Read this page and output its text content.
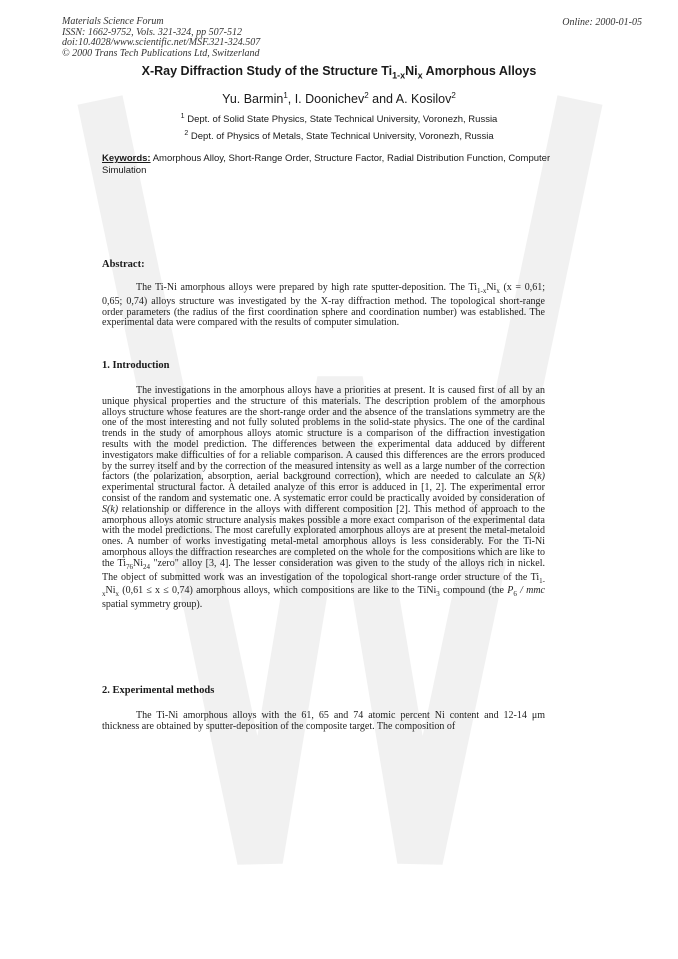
Materials Science Forum
ISSN: 1662-9752, Vols. 321-324, pp 507-512
doi:10.4028/www.scientific.net/MSF.321-324.507
© 2000 Trans Tech Publications Ltd, Switzerland
Online: 2000-01-05
X-Ray Diffraction Study of the Structure $Ti_{1-x}Ni_x$ Amorphous Alloys
Yu. Barmin$^1$, I. Doonichev$^2$ and A. Kosilov$^2$
$^1$ Dept. of Solid State Physics, State Technical University, Voronezh, Russia
$^2$ Dept. of Physics of Metals, State Technical University, Voronezh, Russia
Keywords: Amorphous Alloy, Short-Range Order, Structure Factor, Radial Distribution Function, Computer Simulation
Abstract:
The Ti-Ni amorphous alloys were prepared by high rate sputter-deposition. The $Ti_{1-x}Ni_x$ (x = 0,61; 0,65; 0,74) alloys structure was investigated by the X-ray diffraction method. The topological short-range order parameters (the radius of the first coordination sphere and coordination number) was established. The experimental data were compared with the results of computer simulation.
1. Introduction
The investigations in the amorphous alloys have a priorities at present. It is caused first of all by an unique physical properties and the structure of this materials. The description problem of the amorphous alloys structure whose features are the short-range order and the absence of the translations symmetry are the one of the most interesting and not fully soluted problems in the solid-state physics. The one of the cardinal trends in the study of amorphous alloys atomic structure is a comparison of the diffraction investigation results with the model prediction. The differences between the experimental data adduced by different investigators make difficulties of for a reliable comparison. A caused this differences are the errors produced by the surrey itself and by the correction of the measured intensity as well as a large number of the correction factors (the polarization, absorption, aerial background correction), which are needed to calculate an S(k) experimental structural factor. A detailed analyze of this error is adduced in [1, 2]. The experimental error consist of the random and systematic one. A systematic error could be practically avoided by consideration of S(k) relationship or difference in the alloys with different composition [2]. This method of approach to the amorphous alloys atomic structure analysis makes possible a more exact comparison of the experimental data with the model predictions. The most carefully explorated amorphous alloys are at present the metal-metaloid ones. A number of works investigating metal-metal amorphous alloys is less considerably. For the Ti-Ni amorphous alloys the diffraction researches are completed on the whole for the compositions which are like to the $Ti_{76}Ni_{24}$ "zero" alloy [3, 4]. The lesser consideration was given to the study of the alloys rich in nickel. The object of submitted work was an investigation of the topological short-range order structure of the $Ti_{1-x}Ni_x$ (0,61 ≤ x ≤ 0,74) amorphous alloys, which compositions are like to the TiNi$_3$ compound (the $P_6$ / mmc spatial symmetry group).
2. Experimental methods
The Ti-Ni amorphous alloys with the 61, 65 and 74 atomic percent Ni content and 12-14 μm thickness are obtained by sputter-deposition of the composite target. The composition of
